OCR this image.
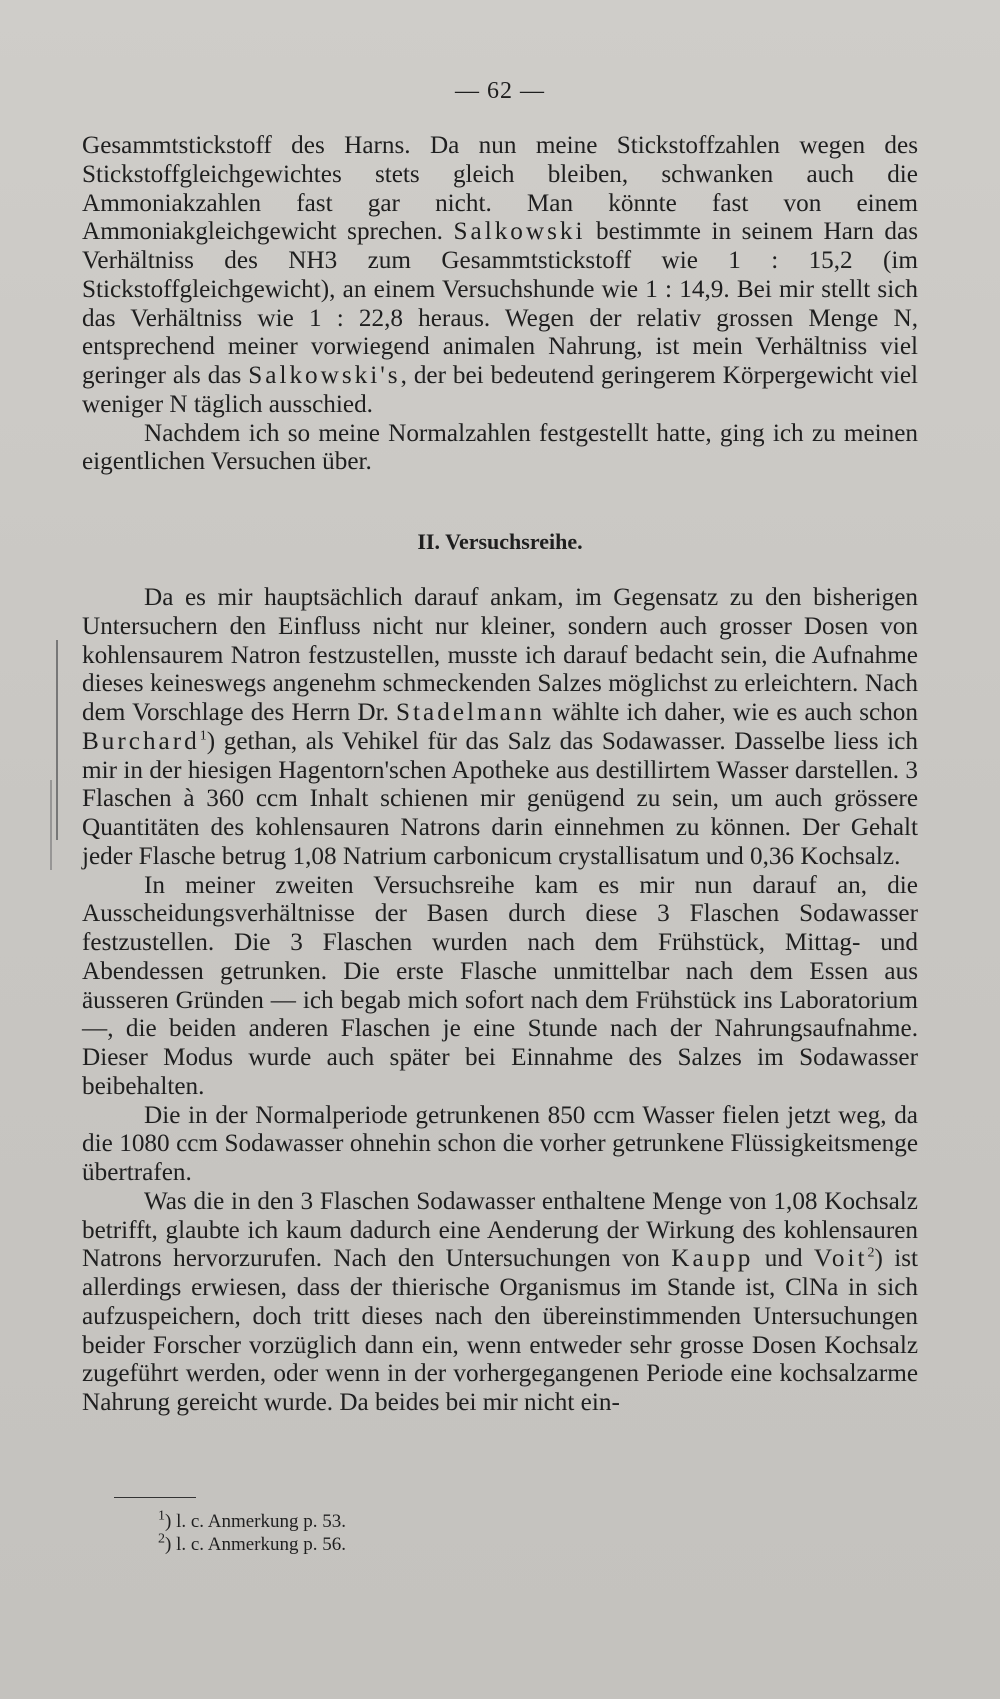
— 62 —

Gesammtstickstoff des Harns. Da nun meine Stickstoffzahlen wegen des Stickstoffgleichgewichtes stets gleich bleiben, schwanken auch die Ammoniakzahlen fast gar nicht. Man könnte fast von einem Ammoniakgleichgewicht sprechen. Salkowski bestimmte in seinem Harn das Verhältniss des NH3 zum Gesammtstickstoff wie 1 : 15,2 (im Stickstoffgleichgewicht), an einem Versuchshunde wie 1 : 14,9. Bei mir stellt sich das Verhältniss wie 1 : 22,8 heraus. Wegen der relativ grossen Menge N, entsprechend meiner vorwiegend animalen Nahrung, ist mein Verhältniss viel geringer als das Salkowski's, der bei bedeutend geringerem Körpergewicht viel weniger N täglich ausschied.

Nachdem ich so meine Normalzahlen festgestellt hatte, ging ich zu meinen eigentlichen Versuchen über.

II. Versuchsreihe.

Da es mir hauptsächlich darauf ankam, im Gegensatz zu den bisherigen Untersuchern den Einfluss nicht nur kleiner, sondern auch grosser Dosen von kohlensaurem Natron festzustellen, musste ich darauf bedacht sein, die Aufnahme dieses keineswegs angenehm schmeckenden Salzes möglichst zu erleichtern. Nach dem Vorschlage des Herrn Dr. Stadelmann wählte ich daher, wie es auch schon Burchard$^1$) gethan, als Vehikel für das Salz das Sodawasser. Dasselbe liess ich mir in der hiesigen Hagentorn'schen Apotheke aus destillirtem Wasser darstellen. 3 Flaschen à 360 ccm Inhalt schienen mir genügend zu sein, um auch grössere Quantitäten des kohlensauren Natrons darin einnehmen zu können. Der Gehalt jeder Flasche betrug 1,08 Natrium carbonicum crystallisatum und 0,36 Kochsalz.

In meiner zweiten Versuchsreihe kam es mir nun darauf an, die Ausscheidungsverhältnisse der Basen durch diese 3 Flaschen Sodawasser festzustellen. Die 3 Flaschen wurden nach dem Frühstück, Mittag- und Abendessen getrunken. Die erste Flasche unmittelbar nach dem Essen aus äusseren Gründen — ich begab mich sofort nach dem Frühstück ins Laboratorium —, die beiden anderen Flaschen je eine Stunde nach der Nahrungsaufnahme. Dieser Modus wurde auch später bei Einnahme des Salzes im Sodawasser beibehalten.

Die in der Normalperiode getrunkenen 850 ccm Wasser fielen jetzt weg, da die 1080 ccm Sodawasser ohnehin schon die vorher getrunkene Flüssigkeitsmenge übertrafen.

Was die in den 3 Flaschen Sodawasser enthaltene Menge von 1,08 Kochsalz betrifft, glaubte ich kaum dadurch eine Aenderung der Wirkung des kohlensauren Natrons hervorzurufen. Nach den Untersuchungen von Kaupp und Voit$^2$) ist allerdings erwiesen, dass der thierische Organismus im Stande ist, ClNa in sich aufzuspeichern, doch tritt dieses nach den übereinstimmenden Untersuchungen beider Forscher vorzüglich dann ein, wenn entweder sehr grosse Dosen Kochsalz zugeführt werden, oder wenn in der vorhergegangenen Periode eine kochsalzarme Nahrung gereicht wurde. Da beides bei mir nicht ein-

$^1$) l. c. Anmerkung p. 53.
$^2$) l. c. Anmerkung p. 56.
